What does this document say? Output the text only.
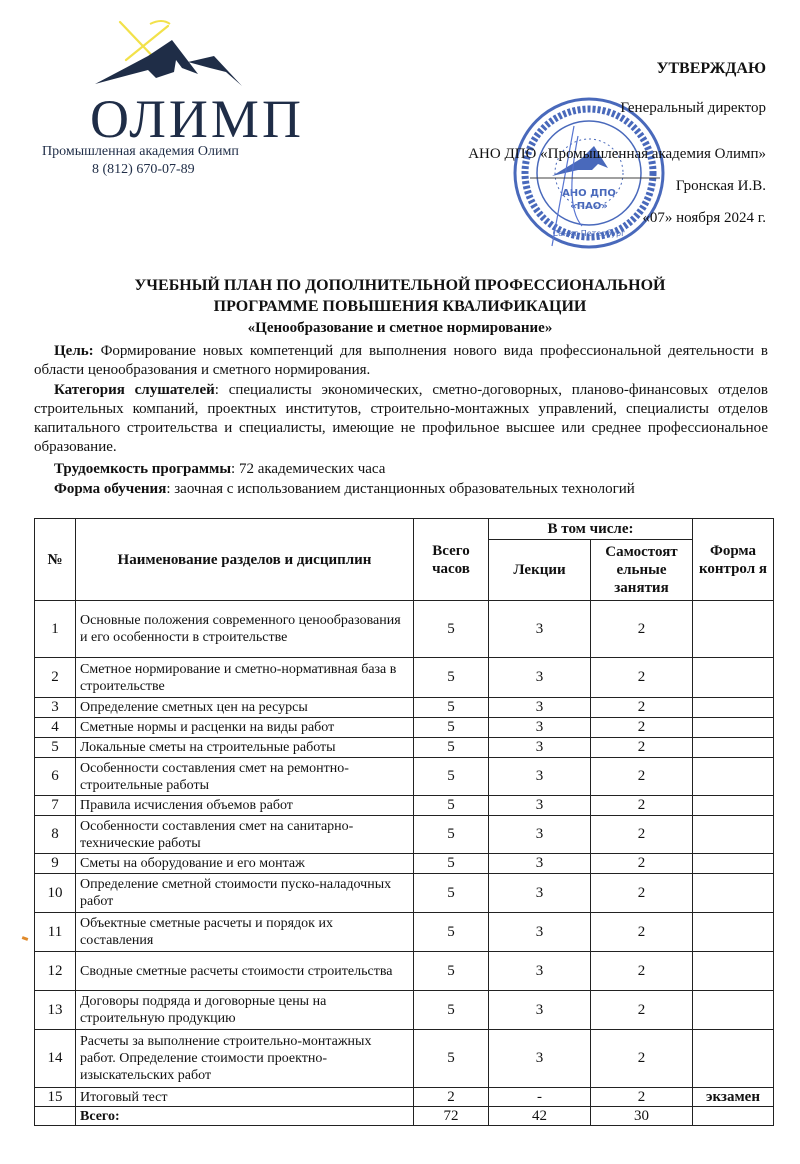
ОЛИМП
Промышленная академия Олимп
8 (812) 670-07-89
АНО ДПО
«ПАО»
Санкт-Петербург
УТВЕРЖДАЮ
Генеральный директор
АНО ДПО «Промышленная академия Олимп»
Гронская И.В.
«07» ноября 2024 г.
УЧЕБНЫЙ ПЛАН ПО ДОПОЛНИТЕЛЬНОЙ ПРОФЕССИОНАЛЬНОЙ
ПРОГРАММЕ ПОВЫШЕНИЯ КВАЛИФИКАЦИИ
«Ценообразование и сметное нормирование»
Цель: Формирование новых компетенций для выполнения нового вида профессиональной деятельности в области ценообразования и сметного нормирования.
Категория слушателей: специалисты экономических, сметно-договорных, планово-финансовых отделов строительных компаний, проектных институтов, строительно-монтажных управлений, специалисты отделов капитального строительства и специалисты, имеющие не профильное высшее или среднее профессиональное образование.
Трудоемкость программы: 72 академических часа
Форма обучения: заочная с использованием дистанционных образовательных технологий
№	Наименование разделов и дисциплин	Всего часов	В том числе:		Форма контрол я
			Лекции	Самостоят ельные занятия	
1	Основные положения современного ценообразования и его особенности в строительстве	5	3	2	
2	Сметное нормирование и сметно-нормативная база в строительстве	5	3	2	
3	Определение сметных цен на ресурсы	5	3	2	
4	Сметные нормы и расценки на виды работ	5	3	2	
5	Локальные сметы на строительные работы	5	3	2	
6	Особенности составления смет на ремонтно-строительные работы	5	3	2	
7	Правила исчисления объемов работ	5	3	2	
8	Особенности составления смет на санитарно-технические работы	5	3	2	
9	Сметы на оборудование и его монтаж	5	3	2	
10	Определение сметной стоимости пуско-наладочных работ	5	3	2	
11	Объектные сметные расчеты и порядок их составления	5	3	2	
12	Сводные сметные расчеты стоимости строительства	5	3	2	
13	Договоры подряда и договорные цены на строительную продукцию	5	3	2	
14	Расчеты за выполнение строительно-монтажных работ. Определение стоимости проектно-изыскательских работ	5	3	2	
15	Итоговый тест	2	-	2	экзамен
	Всего:	72	42	30	
